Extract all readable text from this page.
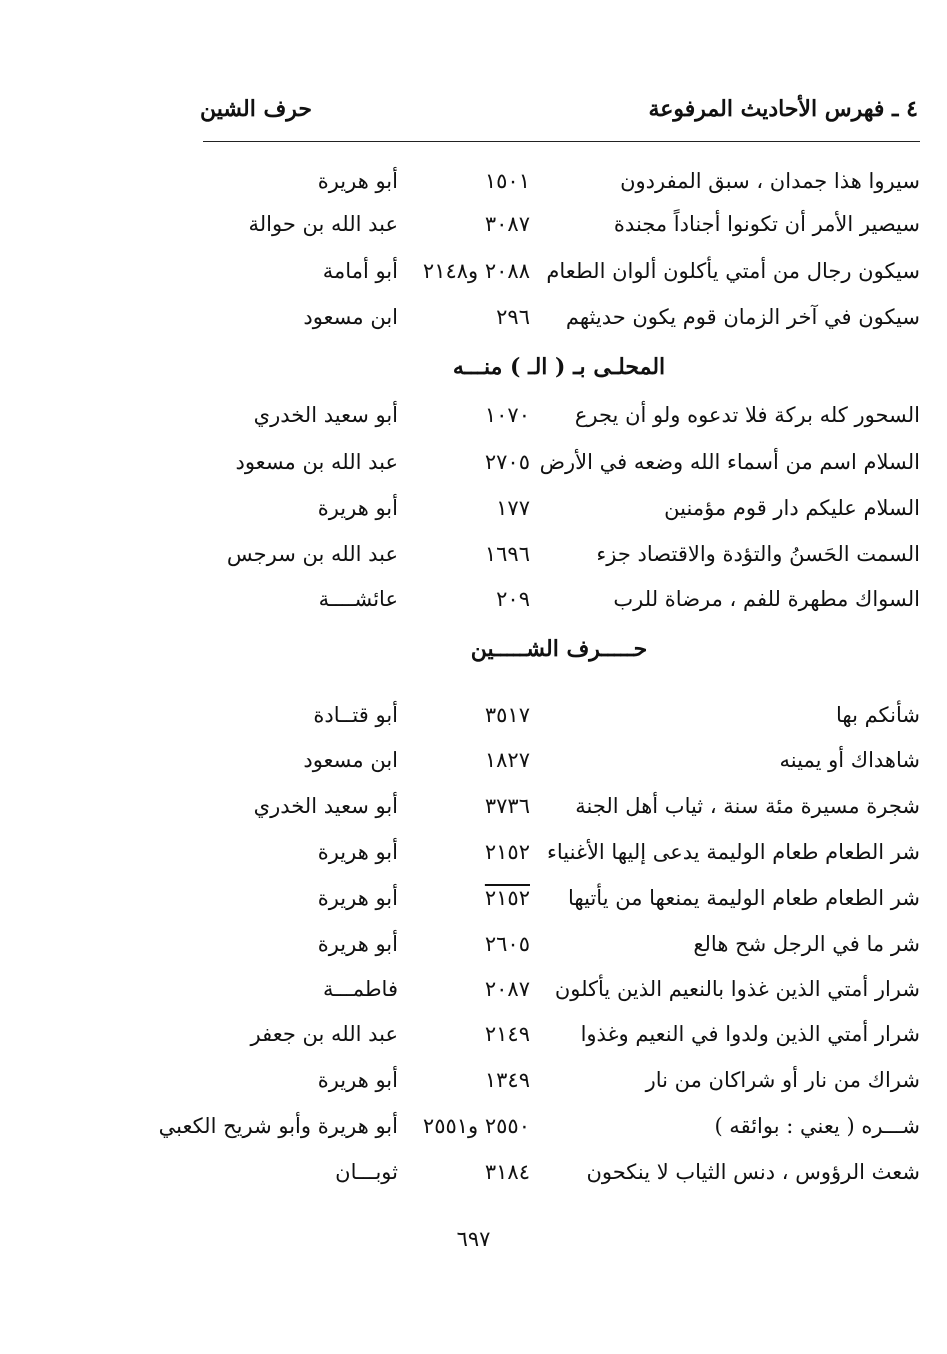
٤ ـ فهرس الأحاديث المرفوعة
حرف الشين
سيروا هذا جمدان ، سبق المفردون
١٥٠١
أبو هريرة
سيصير الأمر أن تكونوا أجناداً مجندة
٣٠٨٧
عبد الله بن حوالة
سيكون رجال من أمتي يأكلون ألوان الطعام
٢٠٨٨ و٢١٤٨
أبو أمامة
سيكون في آخر الزمان قوم يكون حديثهم
٢٩٦
ابن مسعود
المحلـى بـ ( الـ ) منـــه
السحور كله بركة فلا تدعوه ولو أن يجرع
١٠٧٠
أبو سعيد الخدري
السلام اسم من أسماء الله وضعه في الأرض
٢٧٠٥
عبد الله بن مسعود
السلام عليكم دار قوم مؤمنين
١٧٧
أبو هريرة
السمت الحَسنُ والتؤدة والاقتصاد جزء
١٦٩٦
عبد الله بن سرجس
السواك مطهرة للفم ، مرضاة للرب
٢٠٩
عائشــــة
حـــــرف الشـــــين
شأنكم بها
٣٥١٧
أبو قتــادة
شاهداك أو يمينه
١٨٢٧
ابن مسعود
شجرة مسيرة مئة سنة ، ثياب أهل الجنة
٣٧٣٦
أبو سعيد الخدري
شر الطعام طعام الوليمة يدعى إليها الأغنياء
٢١٥٢
أبو هريرة
شر الطعام طعام الوليمة يمنعها من يأتيها
٢١٥٢
أبو هريرة
شر ما في الرجل شح هالع
٢٦٠٥
أبو هريرة
شرار أمتي الذين غذوا بالنعيم الذين يأكلون
٢٠٨٧
فاطمـــة
شرار أمتي الذين ولدوا في النعيم وغذوا
٢١٤٩
عبد الله بن جعفر
شراك من نار أو شراكان من نار
١٣٤٩
أبو هريرة
شـــره ( يعني : بوائقه )
٢٥٥٠ و٢٥٥١
أبو هريرة وأبو شريح الكعبي
شعث الرؤوس ، دنس الثياب لا ينكحون
٣١٨٤
ثوبـــان
٦٩٧
